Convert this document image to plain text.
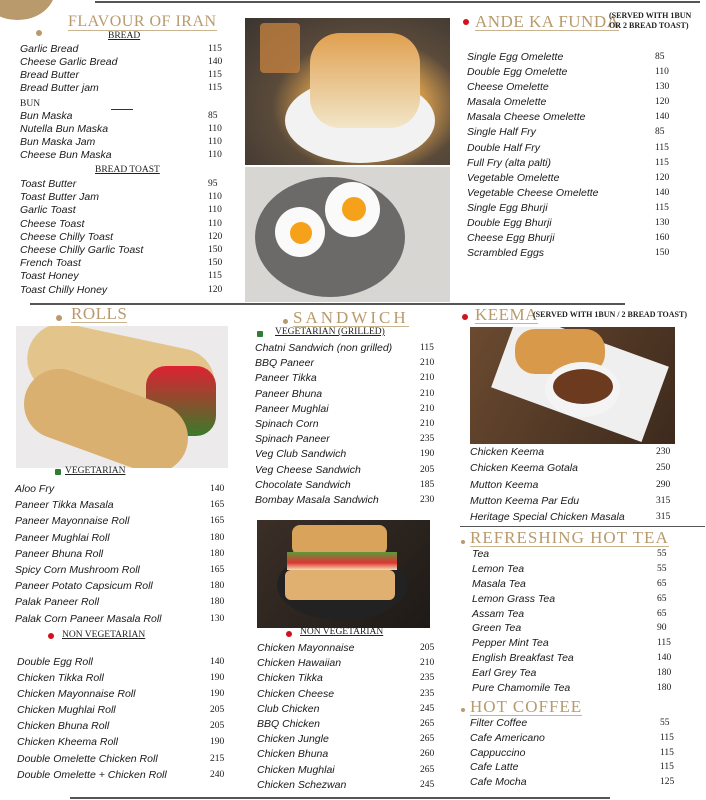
FLAVOUR OF IRAN
BREAD
Garlic Bread	115
Cheese Garlic Bread	140
Bread Butter	115
Bread Butter jam	115
BUN
Bun Maska	85
Nutella Bun Maska	110
Bun Maska Jam	110
Cheese Bun Maska	110
BREAD TOAST
Toast Butter	95
Toast Butter Jam	110
Garlic Toast	110
Cheese Toast	110
Cheese Chilly Toast	120
Cheese Chilly Garlic Toast	150
French Toast	150
Toast Honey	115
Toast Chilly Honey	120
ANDE KA FUNDA
(SERVED WITH 1BUN
OR 2 BREAD TOAST)
Single Egg Omelette	85
Double Egg Omelette	110
Cheese Omelette	130
Masala Omelette	120
Masala Cheese Omelette	140
Single Half Fry	85
Double Half Fry	115
Full Fry (alta palti)	115
Vegetable Omelette	120
Vegetable Cheese Omelette	140
Single Egg Bhurji	115
Double Egg Bhurji	130
Cheese Egg Bhurji	160
Scrambled Eggs	150
ROLLS
VEGETARIAN
Aloo Fry	140
Paneer Tikka Masala	165
Paneer Mayonnaise Roll	165
Paneer Mughlai Roll	180
Paneer Bhuna Roll	180
Spicy Corn Mushroom Roll	165
Paneer Potato Capsicum Roll	180
Palak Paneer Roll	180
Palak Corn Paneer Masala Roll	130
NON VEGETARIAN
Double Egg Roll	140
Chicken Tikka Roll	190
Chicken Mayonnaise Roll	190
Chicken Mughlai Roll	205
Chicken Bhuna Roll	205
Chicken Kheema Roll	190
Double Omelette Chicken Roll	215
Double Omelette + Chicken Roll	240
SANDWICH
VEGETARIAN (GRILLED)
Chatni Sandwich (non grilled)	115
BBQ Paneer	210
Paneer Tikka	210
Paneer Bhuna	210
Paneer Mughlai	210
Spinach Corn	210
Spinach Paneer	235
Veg Club Sandwich	190
Veg Cheese Sandwich	205
Chocolate Sandwich	185
Bombay Masala Sandwich	230
NON VEGETARIAN
Chicken Mayonnaise	205
Chicken Hawaiian	210
Chicken Tikka	235
Chicken Cheese	235
Club Chicken	245
BBQ Chicken	265
Chicken Jungle	265
Chicken Bhuna	260
Chicken Mughlai	265
Chicken Schezwan	245
KEEMA
(SERVED WITH 1BUN / 2 BREAD TOAST)
Chicken Keema	230
Chicken Keema Gotala	250
Mutton Keema	290
Mutton Keema Par Edu	315
Heritage Special Chicken Masala	315
REFRESHING HOT TEA
Tea	55
Lemon Tea	55
Masala Tea	65
Lemon Grass Tea	65
Assam Tea	65
Green Tea	90
Pepper Mint Tea	115
English Breakfast Tea	140
Earl Grey Tea	180
Pure Chamomile Tea	180
HOT COFFEE
Filter Coffee	55
Cafe Americano	115
Cappuccino	115
Cafe Latte	115
Cafe Mocha	125
